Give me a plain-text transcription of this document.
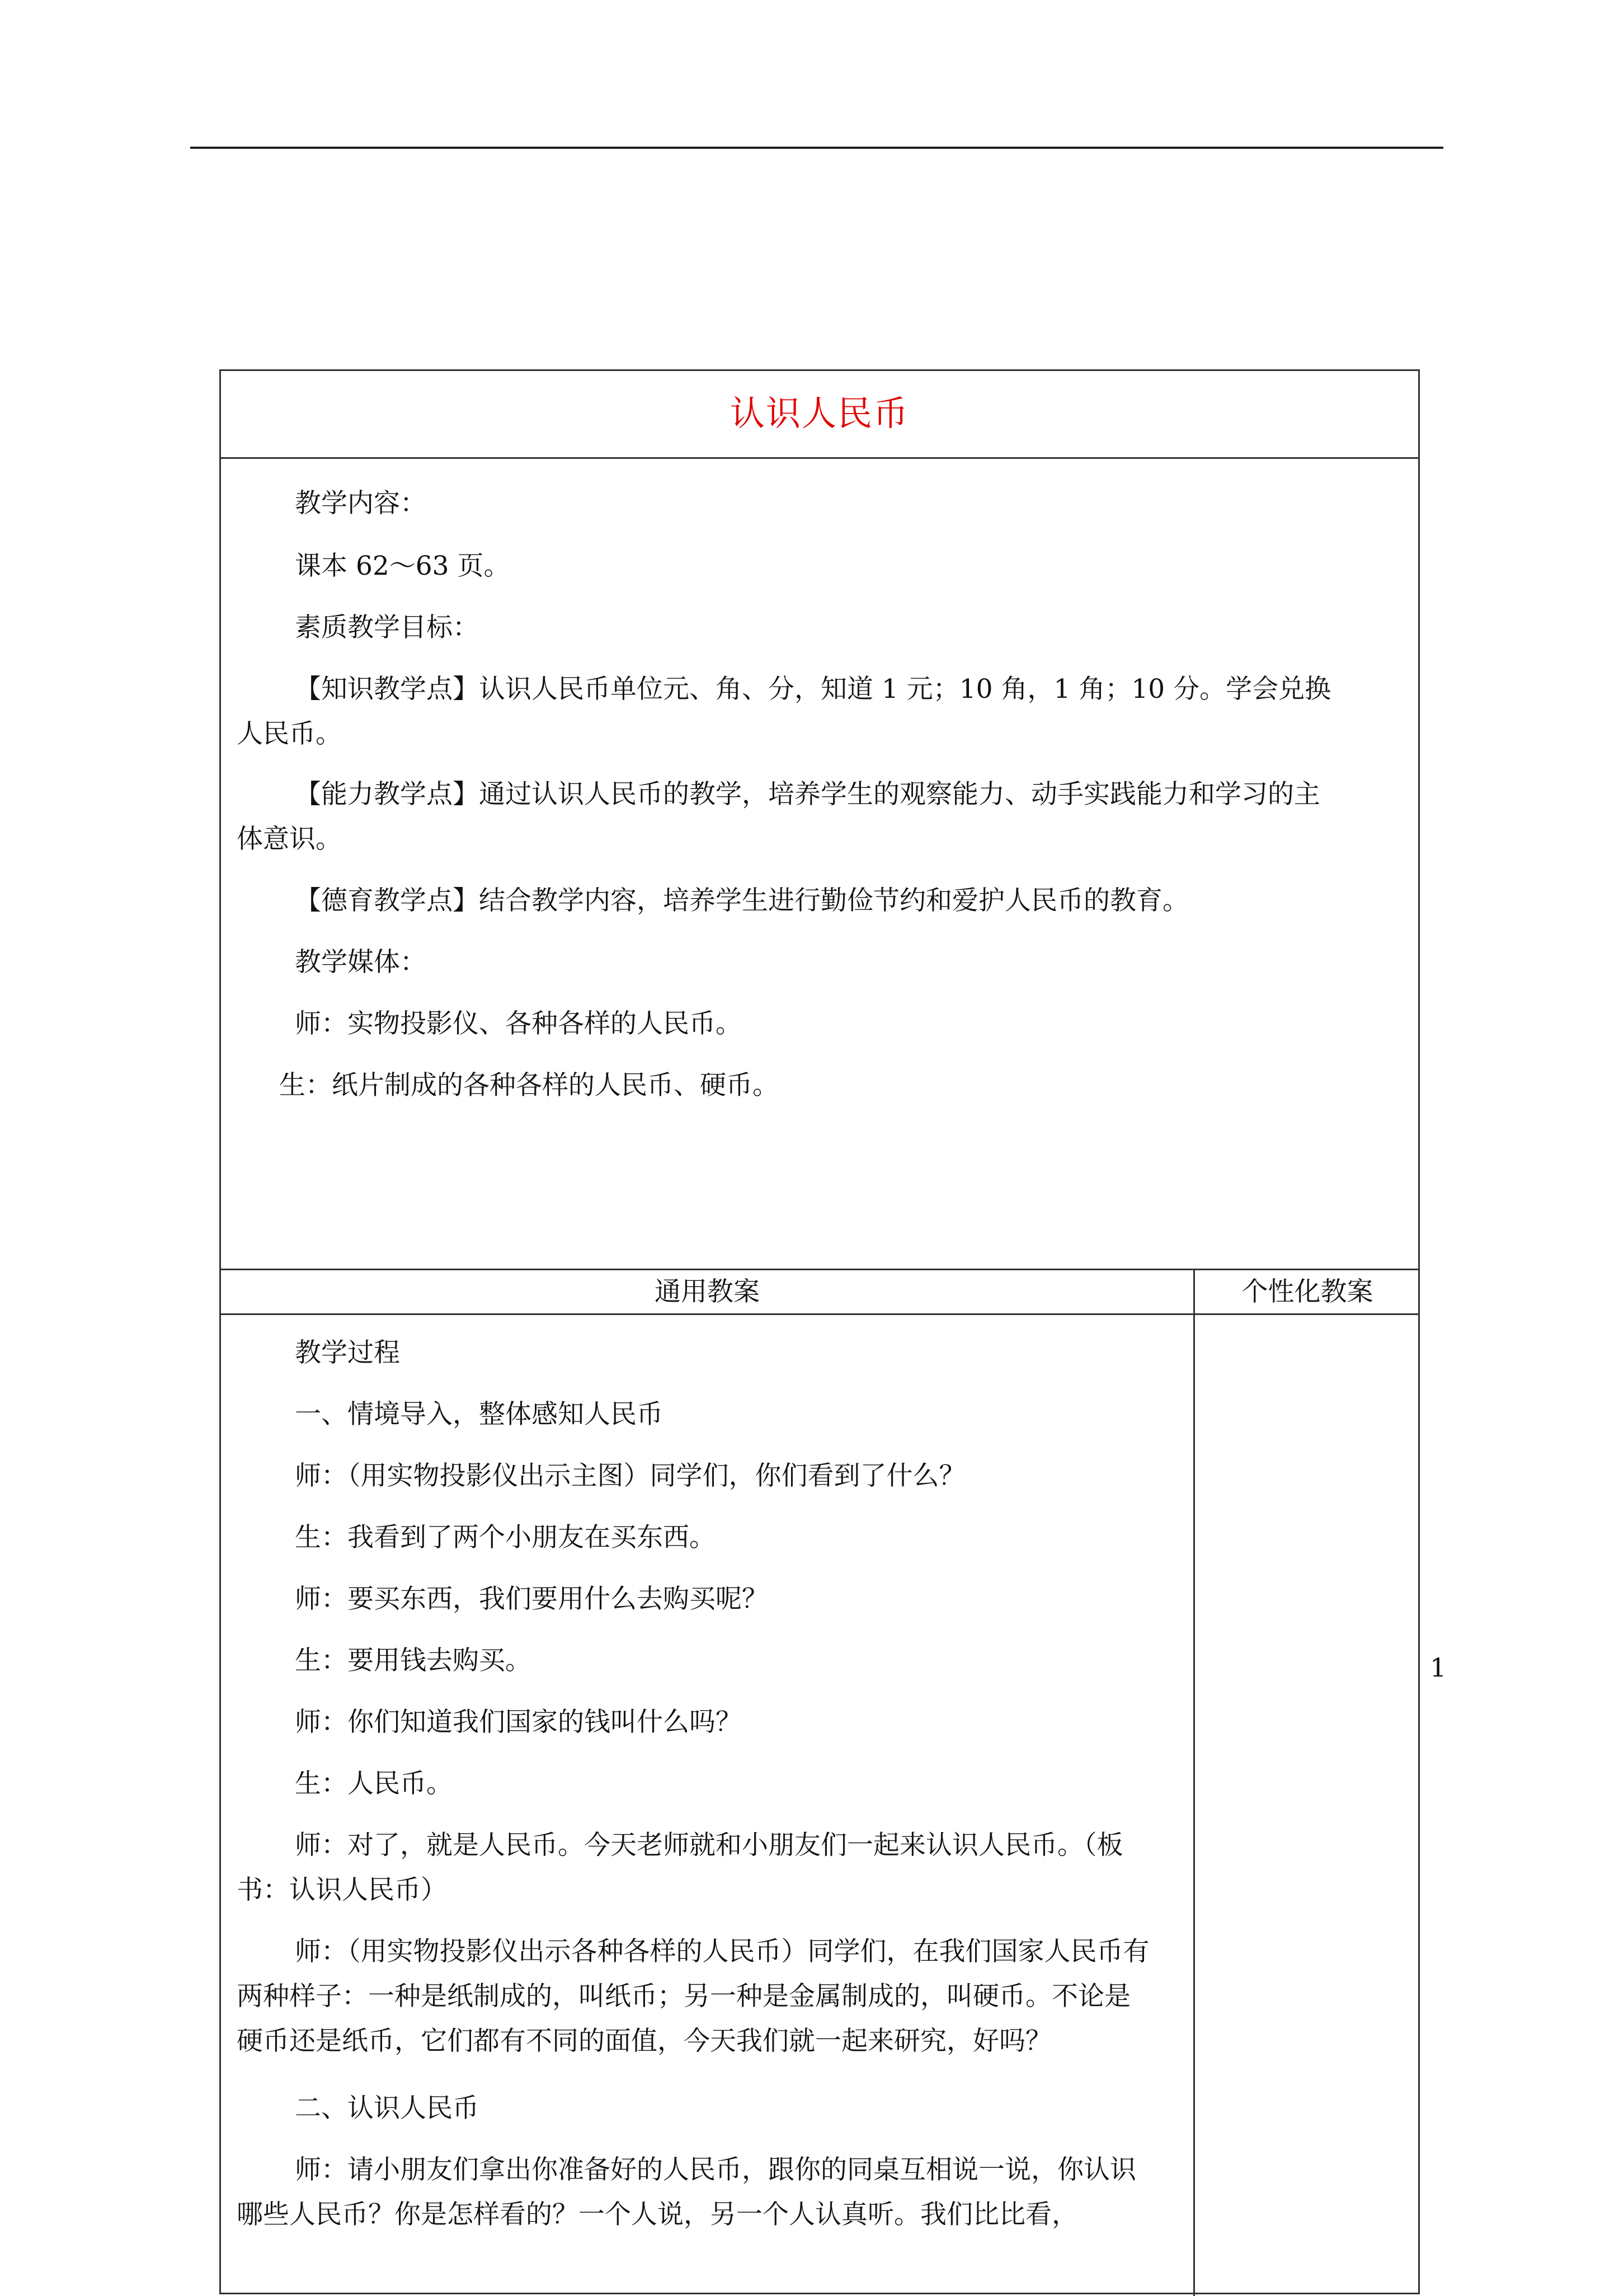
认识人民币

教学内容：

课本 62～63 页。

素质教学目标：

【知识教学点】认识人民币单位元、角、分，知道 1 元；10 角，1 角；10 分。学会兑换人民币。

【能力教学点】通过认识人民币的教学，培养学生的观察能力、动手实践能力和学习的主体意识。

【德育教学点】结合教学内容，培养学生进行勤俭节约和爱护人民币的教育。

教学媒体：

师：实物投影仪、各种各样的人民币。

生：纸片制成的各种各样的人民币、硬币。

通用教案	个性化教案

教学过程

一、情境导入，整体感知人民币

师：（用实物投影仪出示主图）同学们，你们看到了什么？

生：我看到了两个小朋友在买东西。

师：要买东西，我们要用什么去购买呢？

生：要用钱去购买。

师：你们知道我们国家的钱叫什么吗？

生：人民币。

师：对了，就是人民币。今天老师就和小朋友们一起来认识人民币。（板书：认识人民币）

师：（用实物投影仪出示各种各样的人民币）同学们，在我们国家人民币有两种样子：一种是纸制成的，叫纸币；另一种是金属制成的，叫硬币。不论是硬币还是纸币，它们都有不同的面值，今天我们就一起来研究，好吗？

二、认识人民币

师：请小朋友们拿出你准备好的人民币，跟你的同桌互相说一说，你认识哪些人民币？你是怎样看的？一个人说，另一个人认真听。我们比比看，

1
